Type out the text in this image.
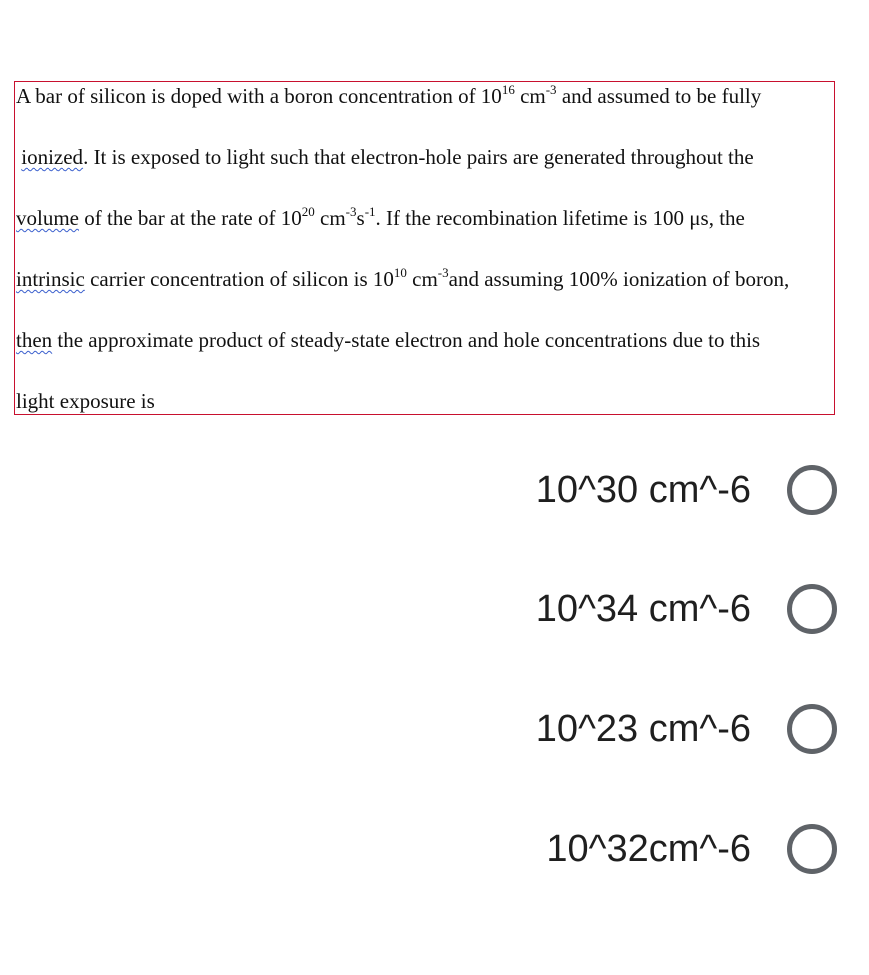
A bar of silicon is doped with a boron concentration of $10^{16}$ $cm^{-3}$ and assumed to be fully
ionized. It is exposed to light such that electron-hole pairs are generated throughout the
volume of the bar at the rate of $10^{20}$ $cm^{-3}s^{-1}$. If the recombination lifetime is 100 μs, the
intrinsic carrier concentration of silicon is $10^{10}$ $cm^{-3}and$ assuming 100% ionization of boron,
then the approximate product of steady-state electron and hole concentrations due to this
light exposure is
10^30 cm^-6
10^34 cm^-6
10^23 cm^-6
10^32cm^-6
